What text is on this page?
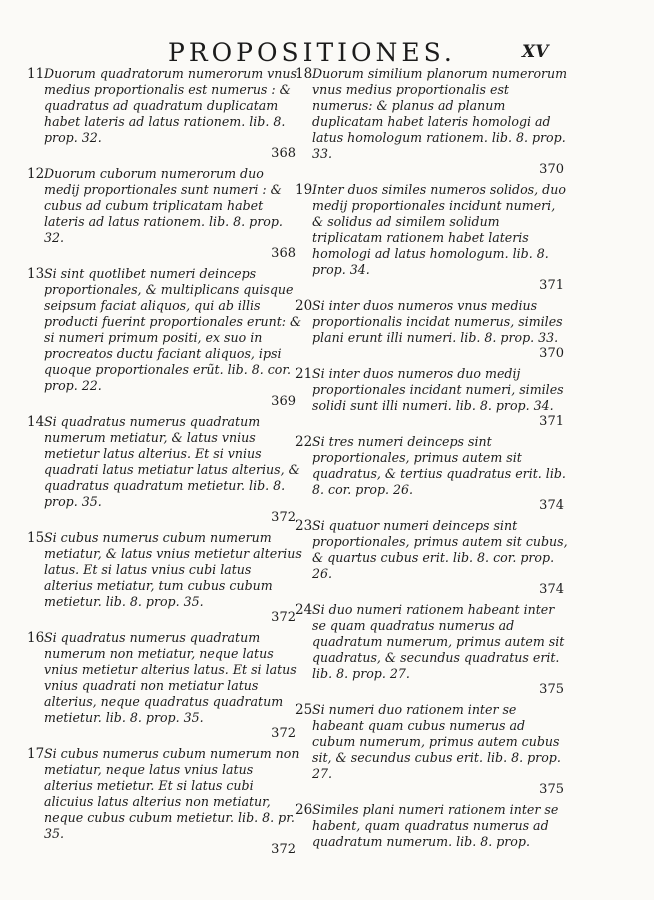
PROPOSITIONES.	XV
11 Duorum quadratorum numerorum vnus medius proportionalis est numerus : & quadratus ad quadratum duplicatam habet lateris ad latus rationem. lib. 8. prop. 32.
368
12 Duorum cuborum numerorum duo medij proportionales sunt numeri : & cubus ad cubum triplicatam habet lateris ad latus rationem. lib. 8. prop. 32.
368
13 Si sint quotlibet numeri deinceps proportionales, & multiplicans quisque seipsum faciat aliquos, qui ab illis producti fuerint proportionales erunt: & si numeri primum positi, ex suo in procreatos ductu faciant aliquos, ipsi quoque proportionales erũt. lib. 8. cor. prop. 22.
369
14 Si quadratus numerus quadratum numerum metiatur, & latus vnius metietur latus alterius. Et si vnius quadrati latus metiatur latus alterius, & quadratus quadratum metietur. lib. 8. prop. 35.
372
15 Si cubus numerus cubum numerum metiatur, & latus vnius metietur alterius latus. Et si latus vnius cubi latus alterius metiatur, tum cubus cubum metietur. lib. 8. prop. 35.
372
16 Si quadratus numerus quadratum numerum non metiatur, neque latus vnius metietur alterius latus. Et si latus vnius quadrati non metiatur latus alterius, neque quadratus quadratum metietur. lib. 8. prop. 35.
372
17 Si cubus numerus cubum numerum non metiatur, neque latus vnius latus alterius metietur. Et si latus cubi alicuius latus alterius non metiatur, neque cubus cubum metietur. lib. 8. pr. 35.
372
18 Duorum similium planorum numerorum vnus medius proportionalis est numerus: & planus ad planum duplicatam habet lateris homologi ad latus homologum rationem. lib. 8. prop. 33.
370
19 Inter duos similes numeros solidos, duo medij proportionales incidunt numeri, & solidus ad similem solidum triplicatam rationem habet lateris homologi ad latus homologum. lib. 8. prop. 34.
371
20 Si inter duos numeros vnus medius proportionalis incidat numerus, similes plani erunt illi numeri. lib. 8. prop. 33.
370
21 Si inter duos numeros duo medij proportionales incidant numeri, similes solidi sunt illi numeri. lib. 8. prop. 34.
371
22 Si tres numeri deinceps sint proportionales, primus autem sit quadratus, & tertius quadratus erit. lib. 8. cor. prop. 26.
374
23 Si quatuor numeri deinceps sint proportionales, primus autem sit cubus, & quartus cubus erit. lib. 8. cor. prop. 26.
374
24 Si duo numeri rationem habeant inter se quam quadratus numerus ad quadratum numerum, primus autem sit quadratus, & secundus quadratus erit. lib. 8. prop. 27.
375
25 Si numeri duo rationem inter se habeant quam cubus numerus ad cubum numerum, primus autem cubus sit, & secundus cubus erit. lib. 8. prop. 27.
375
26 Similes plani numeri rationem inter se habent, quam quadratus numerus ad quadratum numerum. lib. 8. prop.
